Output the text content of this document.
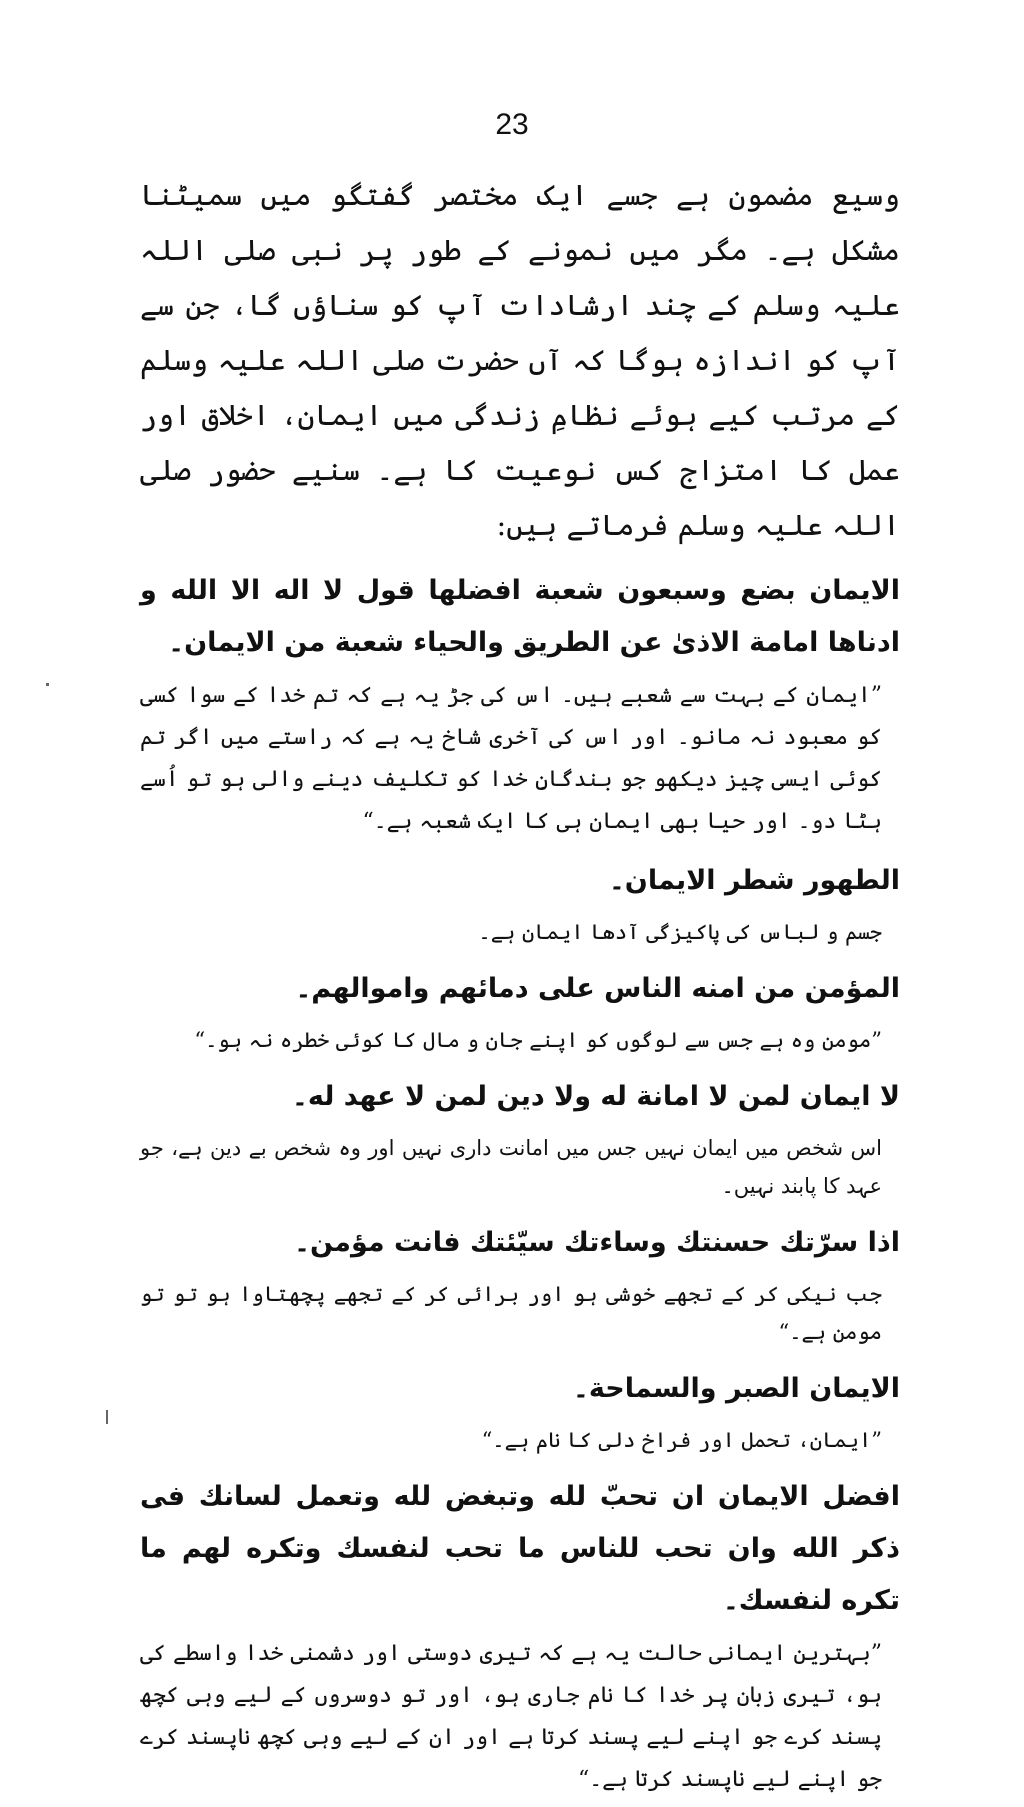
23

وسیع مضمون ہے جسے ایک مختصر گفتگو میں سمیٹنا مشکل ہے۔ مگر میں نمونے کے طور پر نبی صلی اللہ علیہ وسلم کے چند ارشادات آپ کو سناؤں گا، جن سے آپ کو اندازہ ہوگا کہ آں حضرت صلی اللہ علیہ وسلم کے مرتب کیے ہوئے نظامِ زندگی میں ایمان، اخلاق اور عمل کا امتزاج کس نوعیت کا ہے۔ سنیے حضور صلی اللہ علیہ وسلم فرماتے ہیں:

الایمان بضع وسبعون شعبة افضلها قول لا اله الا الله و ادناها امامة الاذیٰ عن الطریق والحیاء شعبة من الایمان۔

”ایمان کے بہت سے شعبے ہیں۔ اس کی جڑ یہ ہے کہ تم خدا کے سوا کسی کو معبود نہ مانو۔ اور اس کی آخری شاخ یہ ہے کہ راستے میں اگر تم کوئی ایسی چیز دیکھو جو بندگانِ خدا کو تکلیف دینے والی ہو تو اُسے ہٹا دو۔ اور حیا بھی ایمان ہی کا ایک شعبہ ہے۔“

الطهور شطر الایمان۔

جسم و لباس کی پاکیزگی آدھا ایمان ہے۔

المؤمن من امنه الناس علی دمائهم واموالهم۔

”مومن وہ ہے جس سے لوگوں کو اپنے جان و مال کا کوئی خطرہ نہ ہو۔“

لا ایمان لمن لا امانة له ولا دین لمن لا عهد له۔

اس شخص میں ایمان نہیں جس میں امانت داری نہیں اور وہ شخص بے دین ہے، جو عہد کا پابند نہیں۔

اذا سرّتك حسنتك وساءتك سیّئتك فانت مؤمن۔

جب نیکی کر کے تجھے خوشی ہو اور برائی کر کے تجھے پچھتاوا ہو تو تو مومن ہے۔“

الایمان الصبر والسماحة۔

”ایمان، تحمل اور فراخ دلی کا نام ہے۔“

افضل الایمان ان تحبّ لله وتبغض لله وتعمل لسانك فی ذکر الله وان تحب للناس ما تحب لنفسك وتکره لهم ما تکره لنفسك۔

”بہترین ایمانی حالت یہ ہے کہ تیری دوستی اور دشمنی خدا واسطے کی ہو، تیری زبان پر خدا کا نام جاری ہو، اور تو دوسروں کے لیے وہی کچھ پسند کرے جو اپنے لیے پسند کرتا ہے اور ان کے لیے وہی کچھ ناپسند کرے جو اپنے لیے ناپسند کرتا ہے۔“
